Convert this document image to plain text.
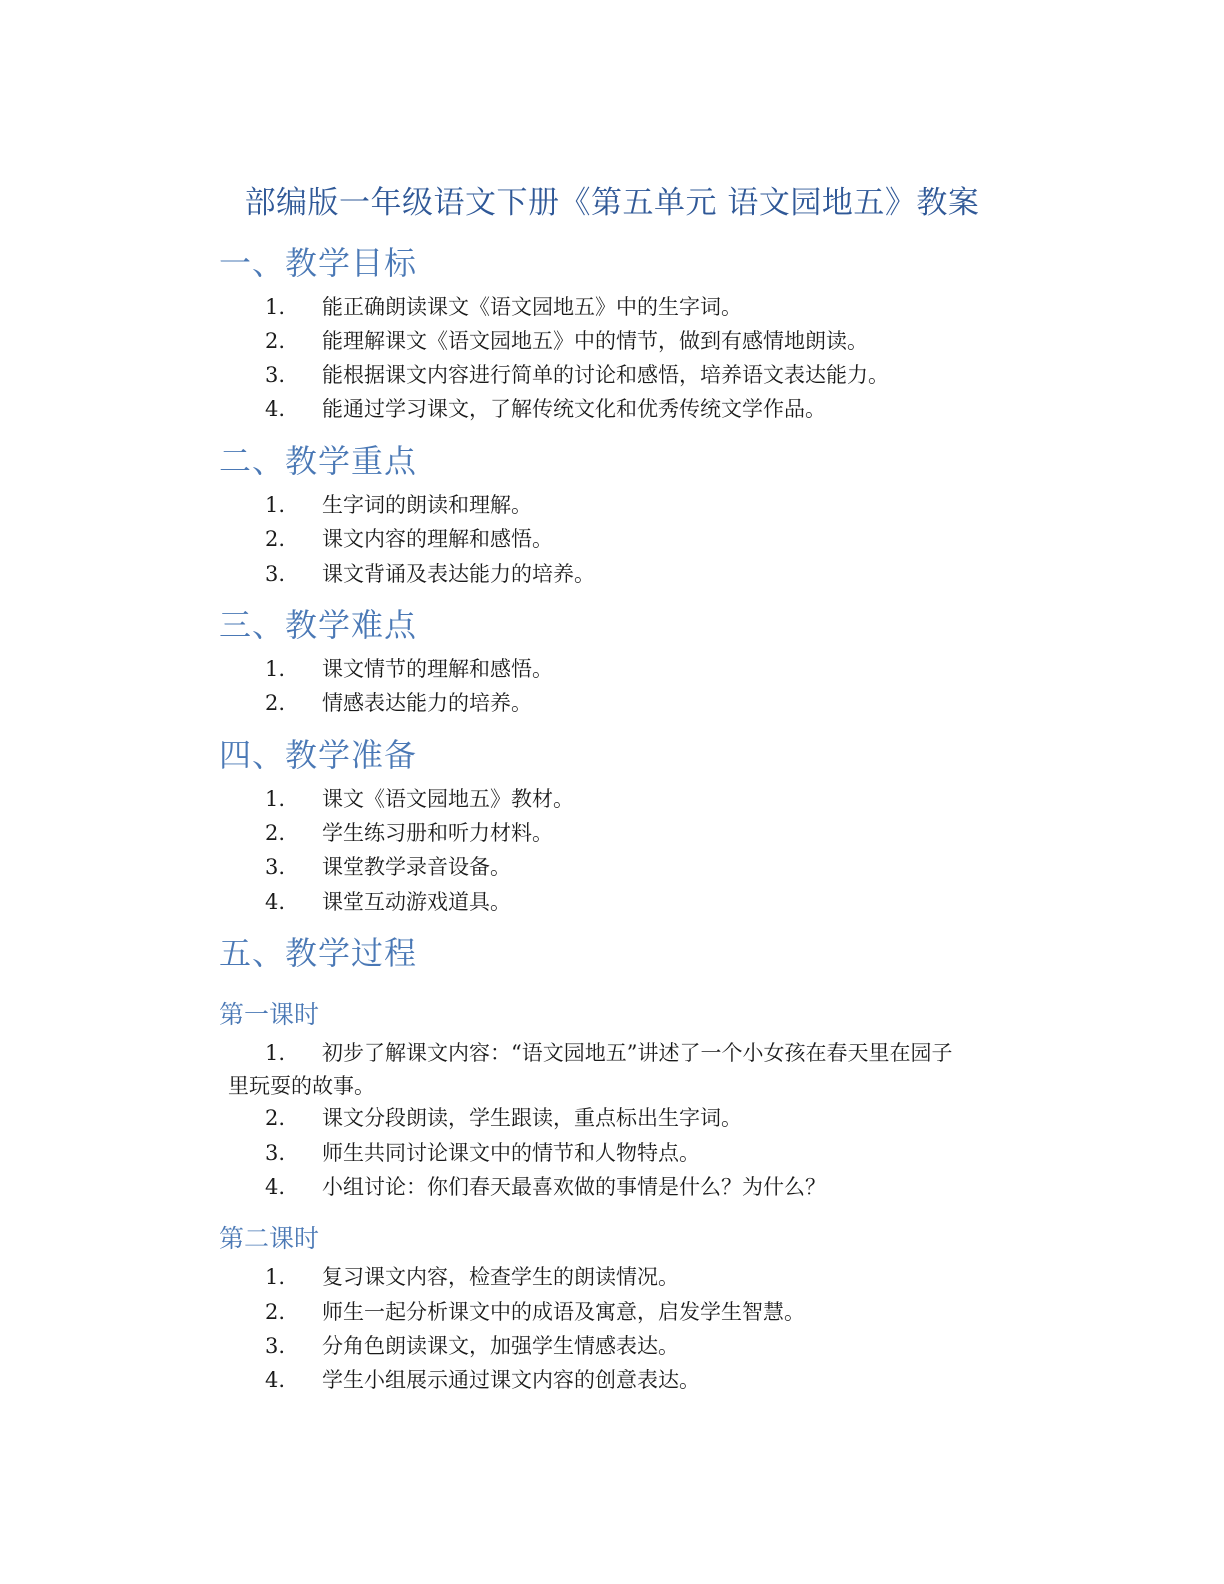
部编版一年级语文下册《第五单元 语文园地五》教案
一、教学目标
1. 能正确朗读课文《语文园地五》中的生字词。
2. 能理解课文《语文园地五》中的情节，做到有感情地朗读。
3. 能根据课文内容进行简单的讨论和感悟，培养语文表达能力。
4. 能通过学习课文，了解传统文化和优秀传统文学作品。
二、教学重点
1. 生字词的朗读和理解。
2. 课文内容的理解和感悟。
3. 课文背诵及表达能力的培养。
三、教学难点
1. 课文情节的理解和感悟。
2. 情感表达能力的培养。
四、教学准备
1. 课文《语文园地五》教材。
2. 学生练习册和听力材料。
3. 课堂教学录音设备。
4. 课堂互动游戏道具。
五、教学过程
第一课时
1. 初步了解课文内容：“语文园地五”讲述了一个小女孩在春天里在园子
里玩耍的故事。
2. 课文分段朗读，学生跟读，重点标出生字词。
3. 师生共同讨论课文中的情节和人物特点。
4. 小组讨论：你们春天最喜欢做的事情是什么？为什么？
第二课时
1. 复习课文内容，检查学生的朗读情况。
2. 师生一起分析课文中的成语及寓意，启发学生智慧。
3. 分角色朗读课文，加强学生情感表达。
4. 学生小组展示通过课文内容的创意表达。
